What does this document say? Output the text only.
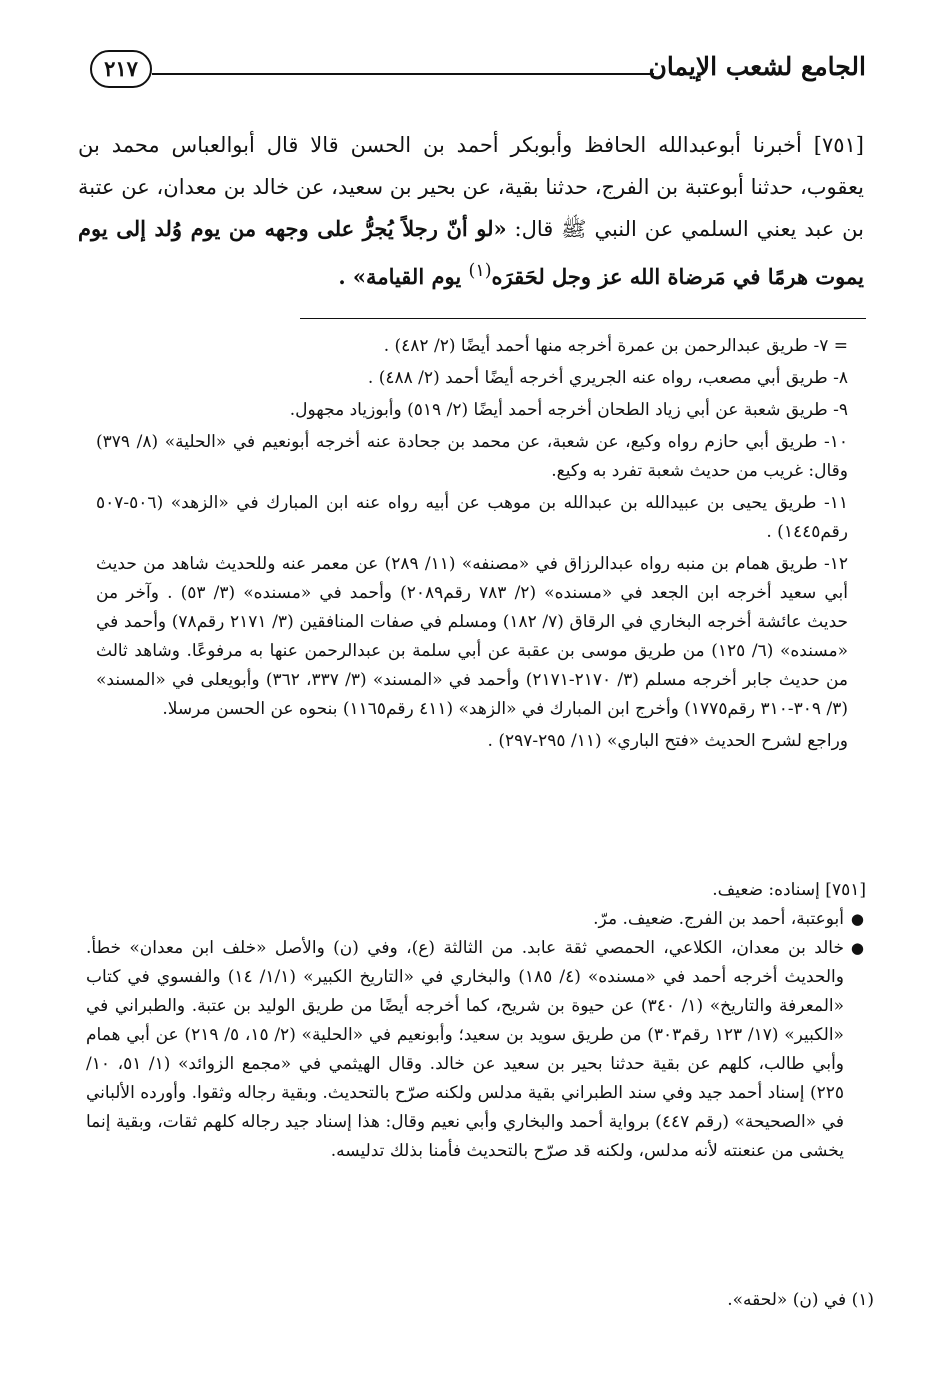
الجامع لشعب الإيمان
٢١٧

[٧٥١] أخبرنا أبوعبدالله الحافظ وأبوبكر أحمد بن الحسن قالا قال أبوالعباس محمد بن يعقوب، حدثنا أبوعتبة بن الفرج، حدثنا بقية، عن بحير بن سعيد، عن خالد بن معدان، عن عتبة بن عبد يعني السلمي عن النبي ﷺ قال: «لو أنّ رجلاً يُجرُّ على وجهه من يوم وُلد إلى يوم يموت هرمًا في مَرضاة الله عز وجل لحَقرَه$^{(١)}$ يوم القيامة» .

= ٧- طريق عبدالرحمن بن عمرة أخرجه منها أحمد أيضًا (٢/ ٤٨٢) .

٨- طريق أبي مصعب، رواه عنه الجريري أخرجه أيضًا أحمد (٢/ ٤٨٨) .

٩- طريق شعبة عن أبي زياد الطحان أخرجه أحمد أيضًا (٢/ ٥١٩) وأبوزياد مجهول.

١٠- طريق أبي حازم رواه وكيع، عن شعبة، عن محمد بن جحادة عنه أخرجه أبونعيم في «الحلية» (٨/ ٣٧٩) وقال: غريب من حديث شعبة تفرد به وكيع.

١١- طريق يحيى بن عبيدالله بن عبدالله بن موهب عن أبيه رواه عنه ابن المبارك في «الزهد» (٥٠٦-٥٠٧ رقم١٤٤٥) .

١٢- طريق همام بن منبه رواه عبدالرزاق في «مصنفه» (١١/ ٢٨٩) عن معمر عنه وللحديث شاهد من حديث أبي سعيد أخرجه ابن الجعد في «مسنده» (٢/ ٧٨٣ رقم٢٠٨٩) وأحمد في «مسنده» (٣/ ٥٣) . وآخر من حديث عائشة أخرجه البخاري في الرقاق (٧/ ١٨٢) ومسلم في صفات المنافقين (٣/ ٢١٧١ رقم٧٨) وأحمد في «مسنده» (٦/ ١٢٥) من طريق موسى بن عقبة عن أبي سلمة بن عبدالرحمن عنها به مرفوعًا. وشاهد ثالث من حديث جابر أخرجه مسلم (٣/ ٢١٧٠-٢١٧١) وأحمد في «المسند» (٣/ ٣٣٧، ٣٦٢) وأبويعلى في «المسند» (٣/ ٣٠٩-٣١٠ رقم١٧٧٥) وأخرج ابن المبارك في «الزهد» (٤١١ رقم١١٦٥) بنحوه عن الحسن مرسلا.

وراجع لشرح الحديث «فتح الباري» (١١/ ٢٩٥-٢٩٧) .

[٧٥١] إسناده: ضعيف.

●
أبوعتبة، أحمد بن الفرج. ضعيف. مرّ.
●
خالد بن معدان، الكلاعي، الحمصي ثقة عابد. من الثالثة (ع)، وفي (ن) والأصل «خلف ابن معدان» خطأ. والحديث أخرجه أحمد في «مسنده» (٤/ ١٨٥) والبخاري في «التاريخ الكبير» (١/١/ ١٤) والفسوي في كتاب «المعرفة والتاريخ» (١/ ٣٤٠) عن حيوة بن شريح، كما أخرجه أيضًا من طريق الوليد بن عتبة. والطبراني في «الكبير» (١٧/ ١٢٣ رقم٣٠٣) من طريق سويد بن سعيد؛ وأبونعيم في «الحلية» (٢/ ١٥، ٥/ ٢١٩) عن أبي همام وأبي طالب، كلهم عن بقية حدثنا بحير بن سعيد عن خالد. وقال الهيثمي في «مجمع الزوائد» (١/ ٥١، ١٠/ ٢٢٥) إسناد أحمد جيد وفي سند الطبراني بقية مدلس ولكنه صرّح بالتحديث. وبقية رجاله وثقوا. وأورده الألباني في «الصحيحة» (رقم ٤٤٧) برواية أحمد والبخاري وأبي نعيم وقال: هذا إسناد جيد رجاله كلهم ثقات، وبقية إنما يخشى من عنعنته لأنه مدلس، ولكنه قد صرّح بالتحديث فأمنا بذلك تدليسه.
(١) في (ن) «لحقه».
